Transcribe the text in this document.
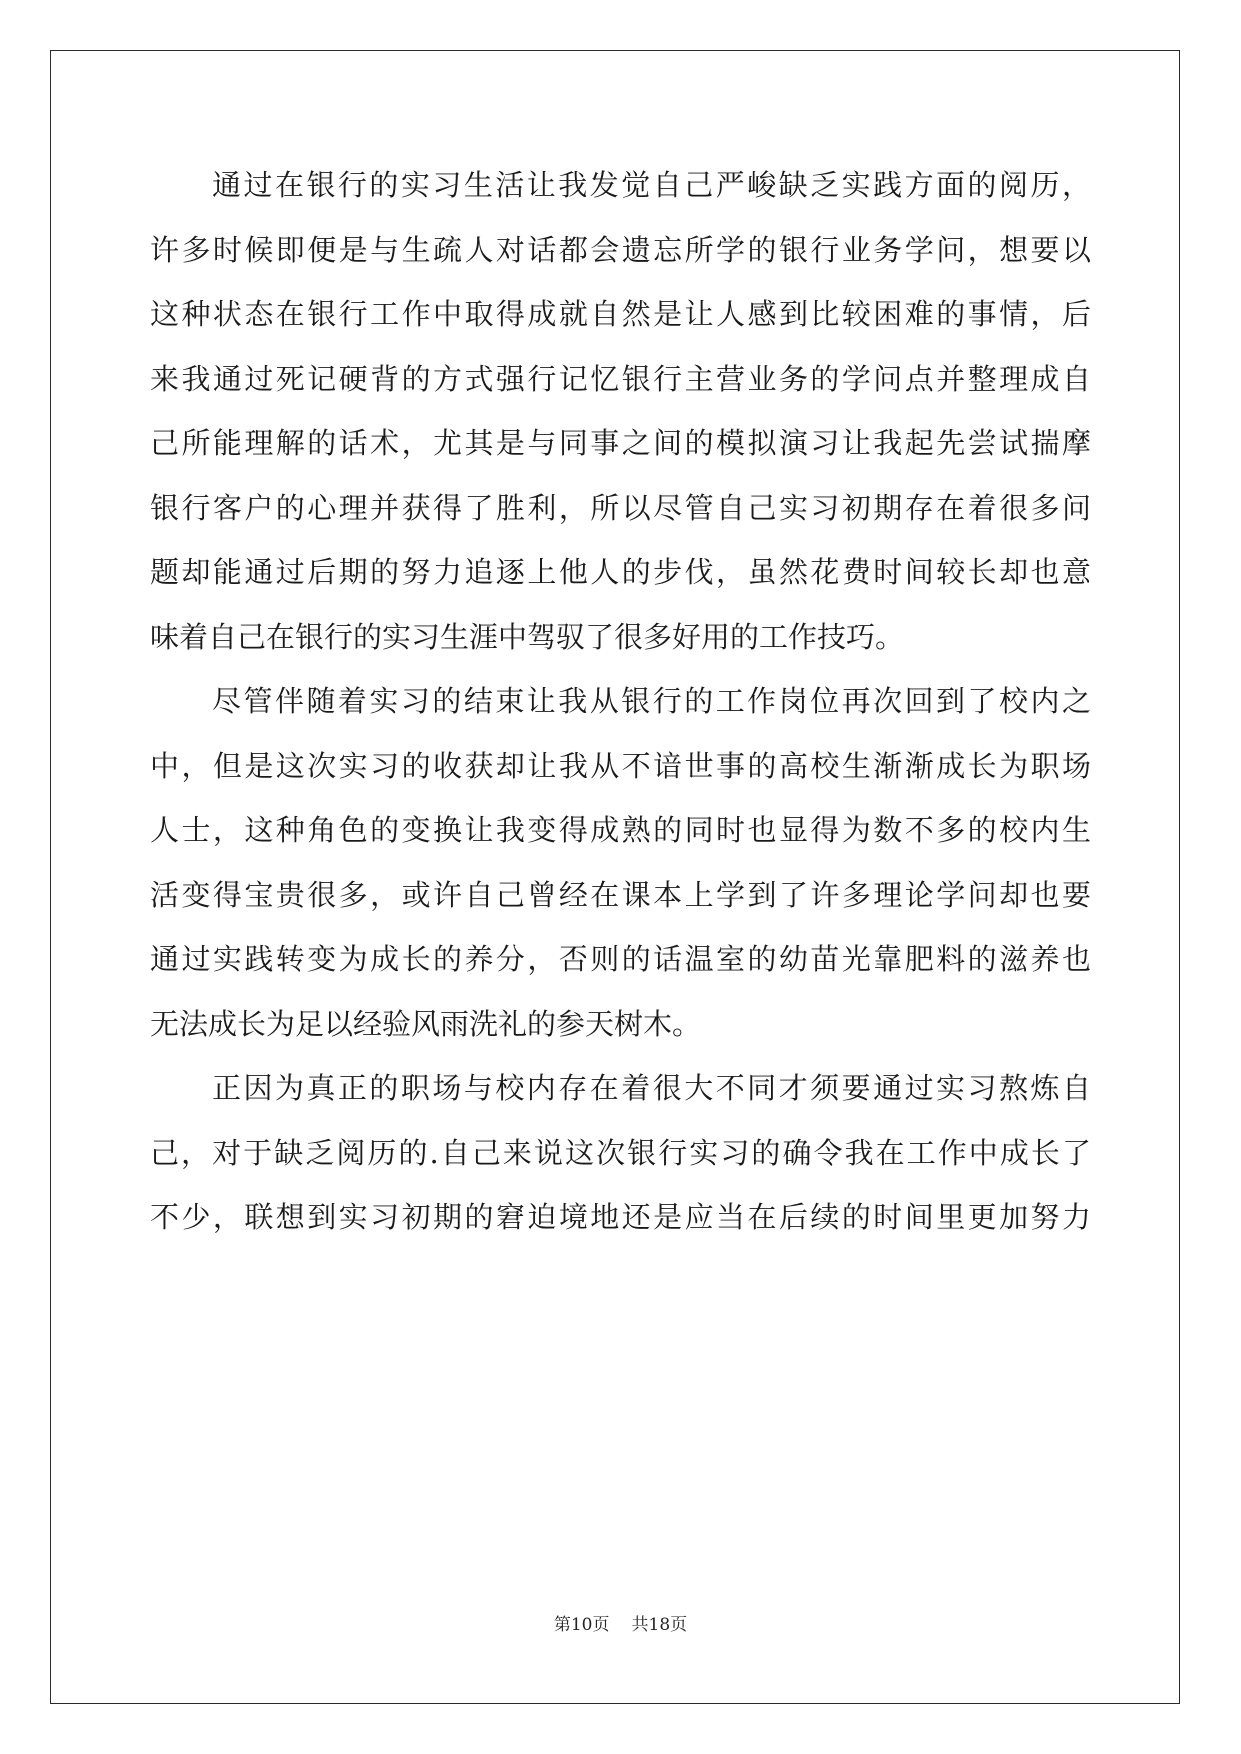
通过在银行的实习生活让我发觉自己严峻缺乏实践方面的阅历，
许多时候即便是与生疏人对话都会遗忘所学的银行业务学问，想要以
这种状态在银行工作中取得成就自然是让人感到比较困难的事情，后
来我通过死记硬背的方式强行记忆银行主营业务的学问点并整理成自
己所能理解的话术，尤其是与同事之间的模拟演习让我起先尝试揣摩
银行客户的心理并获得了胜利，所以尽管自己实习初期存在着很多问
题却能通过后期的努力追逐上他人的步伐，虽然花费时间较长却也意
味着自己在银行的实习生涯中驾驭了很多好用的工作技巧。
尽管伴随着实习的结束让我从银行的工作岗位再次回到了校内之
中，但是这次实习的收获却让我从不谙世事的高校生渐渐成长为职场
人士，这种角色的变换让我变得成熟的同时也显得为数不多的校内生
活变得宝贵很多，或许自己曾经在课本上学到了许多理论学问却也要
通过实践转变为成长的养分，否则的话温室的幼苗光靠肥料的滋养也
无法成长为足以经验风雨洗礼的参天树木。
正因为真正的职场与校内存在着很大不同才须要通过实习熬炼自
己，对于缺乏阅历的.自己来说这次银行实习的确令我在工作中成长了
不少，联想到实习初期的窘迫境地还是应当在后续的时间里更加努力
第10页 共18页
